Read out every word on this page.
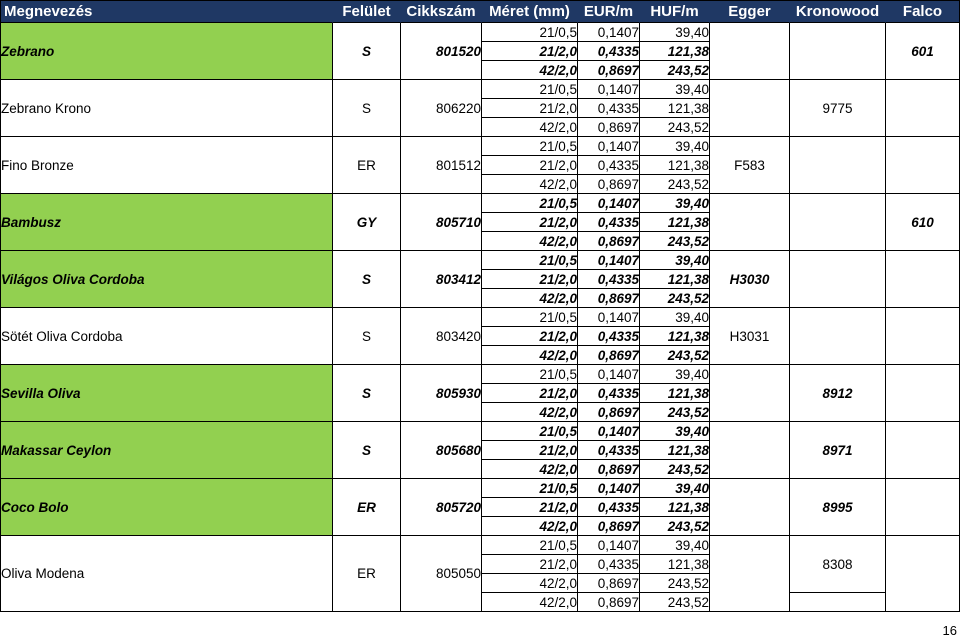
Megnevezés	Felület	Cikkszám	Méret (mm)	EUR/m	HUF/m	Egger	Kronowood	Falco
Zebrano	S	801520	21/0,5	0,1407	39,40			601
			21/2,0	0,4335	121,38			
			42/2,0	0,8697	243,52			
Zebrano Krono	S	806220	21/0,5	0,1407	39,40		9775	
			21/2,0	0,4335	121,38			
			42/2,0	0,8697	243,52			
Fino Bronze	ER	801512	21/0,5	0,1407	39,40	F583		
			21/2,0	0,4335	121,38			
			42/2,0	0,8697	243,52			
Bambusz	GY	805710	21/0,5	0,1407	39,40			610
			21/2,0	0,4335	121,38			
			42/2,0	0,8697	243,52			
Világos Oliva Cordoba	S	803412	21/0,5	0,1407	39,40	H3030		
			21/2,0	0,4335	121,38			
			42/2,0	0,8697	243,52			
Sötét Oliva Cordoba	S	803420	21/0,5	0,1407	39,40	H3031		
			21/2,0	0,4335	121,38			
			42/2,0	0,8697	243,52			
Sevilla Oliva	S	805930	21/0,5	0,1407	39,40		8912	
			21/2,0	0,4335	121,38			
			42/2,0	0,8697	243,52			
Makassar Ceylon	S	805680	21/0,5	0,1407	39,40		8971	
			21/2,0	0,4335	121,38			
			42/2,0	0,8697	243,52			
Coco Bolo	ER	805720	21/0,5	0,1407	39,40		8995	
			21/2,0	0,4335	121,38			
			42/2,0	0,8697	243,52			
Oliva Modena	ER	805050	21/0,5	0,1407	39,40		8308	
			21/2,0	0,4335	121,38			
			42/2,0	0,8697	243,52			
			42/2,0	0,8697	243,52			
16
